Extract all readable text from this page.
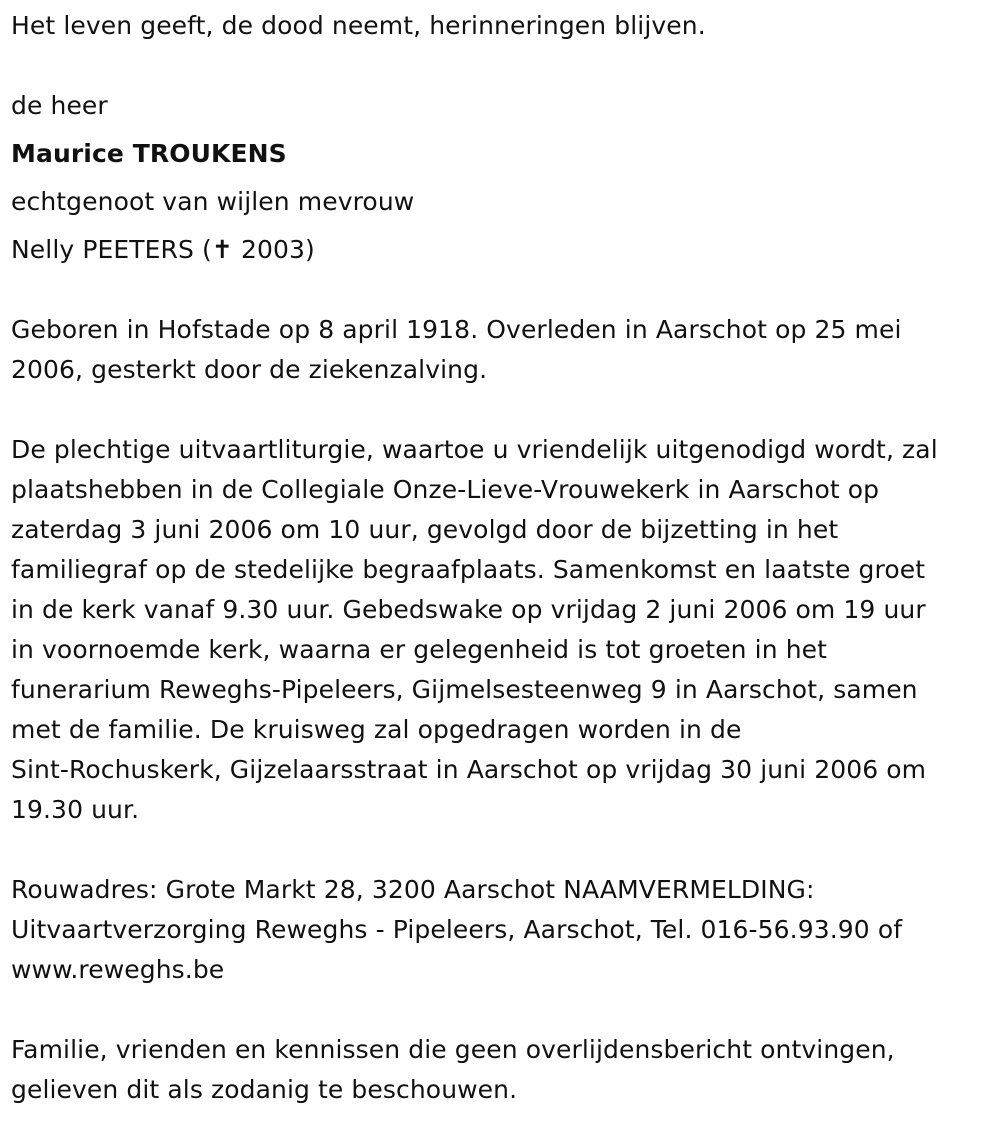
Het leven geeft, de dood neemt, herinneringen blijven.
de heer
Maurice TROUKENS
echtgenoot van wijlen mevrouw
Nelly PEETERS (✝ 2003)

Geboren in Hofstade op 8 april 1918. Overleden in Aarschot op 25 mei

2006, gesterkt door de ziekenzalving.

De plechtige uitvaartliturgie, waartoe u vriendelijk uitgenodigd wordt, zal

plaatshebben in de Collegiale Onze-Lieve-Vrouwekerk in Aarschot op

zaterdag 3 juni 2006 om 10 uur, gevolgd door de bijzetting in het

familiegraf op de stedelijke begraafplaats. Samenkomst en laatste groet

in de kerk vanaf 9.30 uur. Gebedswake op vrijdag 2 juni 2006 om 19 uur

in voornoemde kerk, waarna er gelegenheid is tot groeten in het

funerarium Reweghs-Pipeleers, Gijmelsesteenweg 9 in Aarschot, samen

met de familie. De kruisweg zal opgedragen worden in de

Sint-Rochuskerk, Gijzelaarsstraat in Aarschot op vrijdag 30 juni 2006 om

19.30 uur.

Rouwadres: Grote Markt 28, 3200 Aarschot NAAMVERMELDING:

Uitvaartverzorging Reweghs - Pipeleers, Aarschot, Tel. 016-56.93.90 of

www.reweghs.be

Familie, vrienden en kennissen die geen overlijdensbericht ontvingen,

gelieven dit als zodanig te beschouwen.
